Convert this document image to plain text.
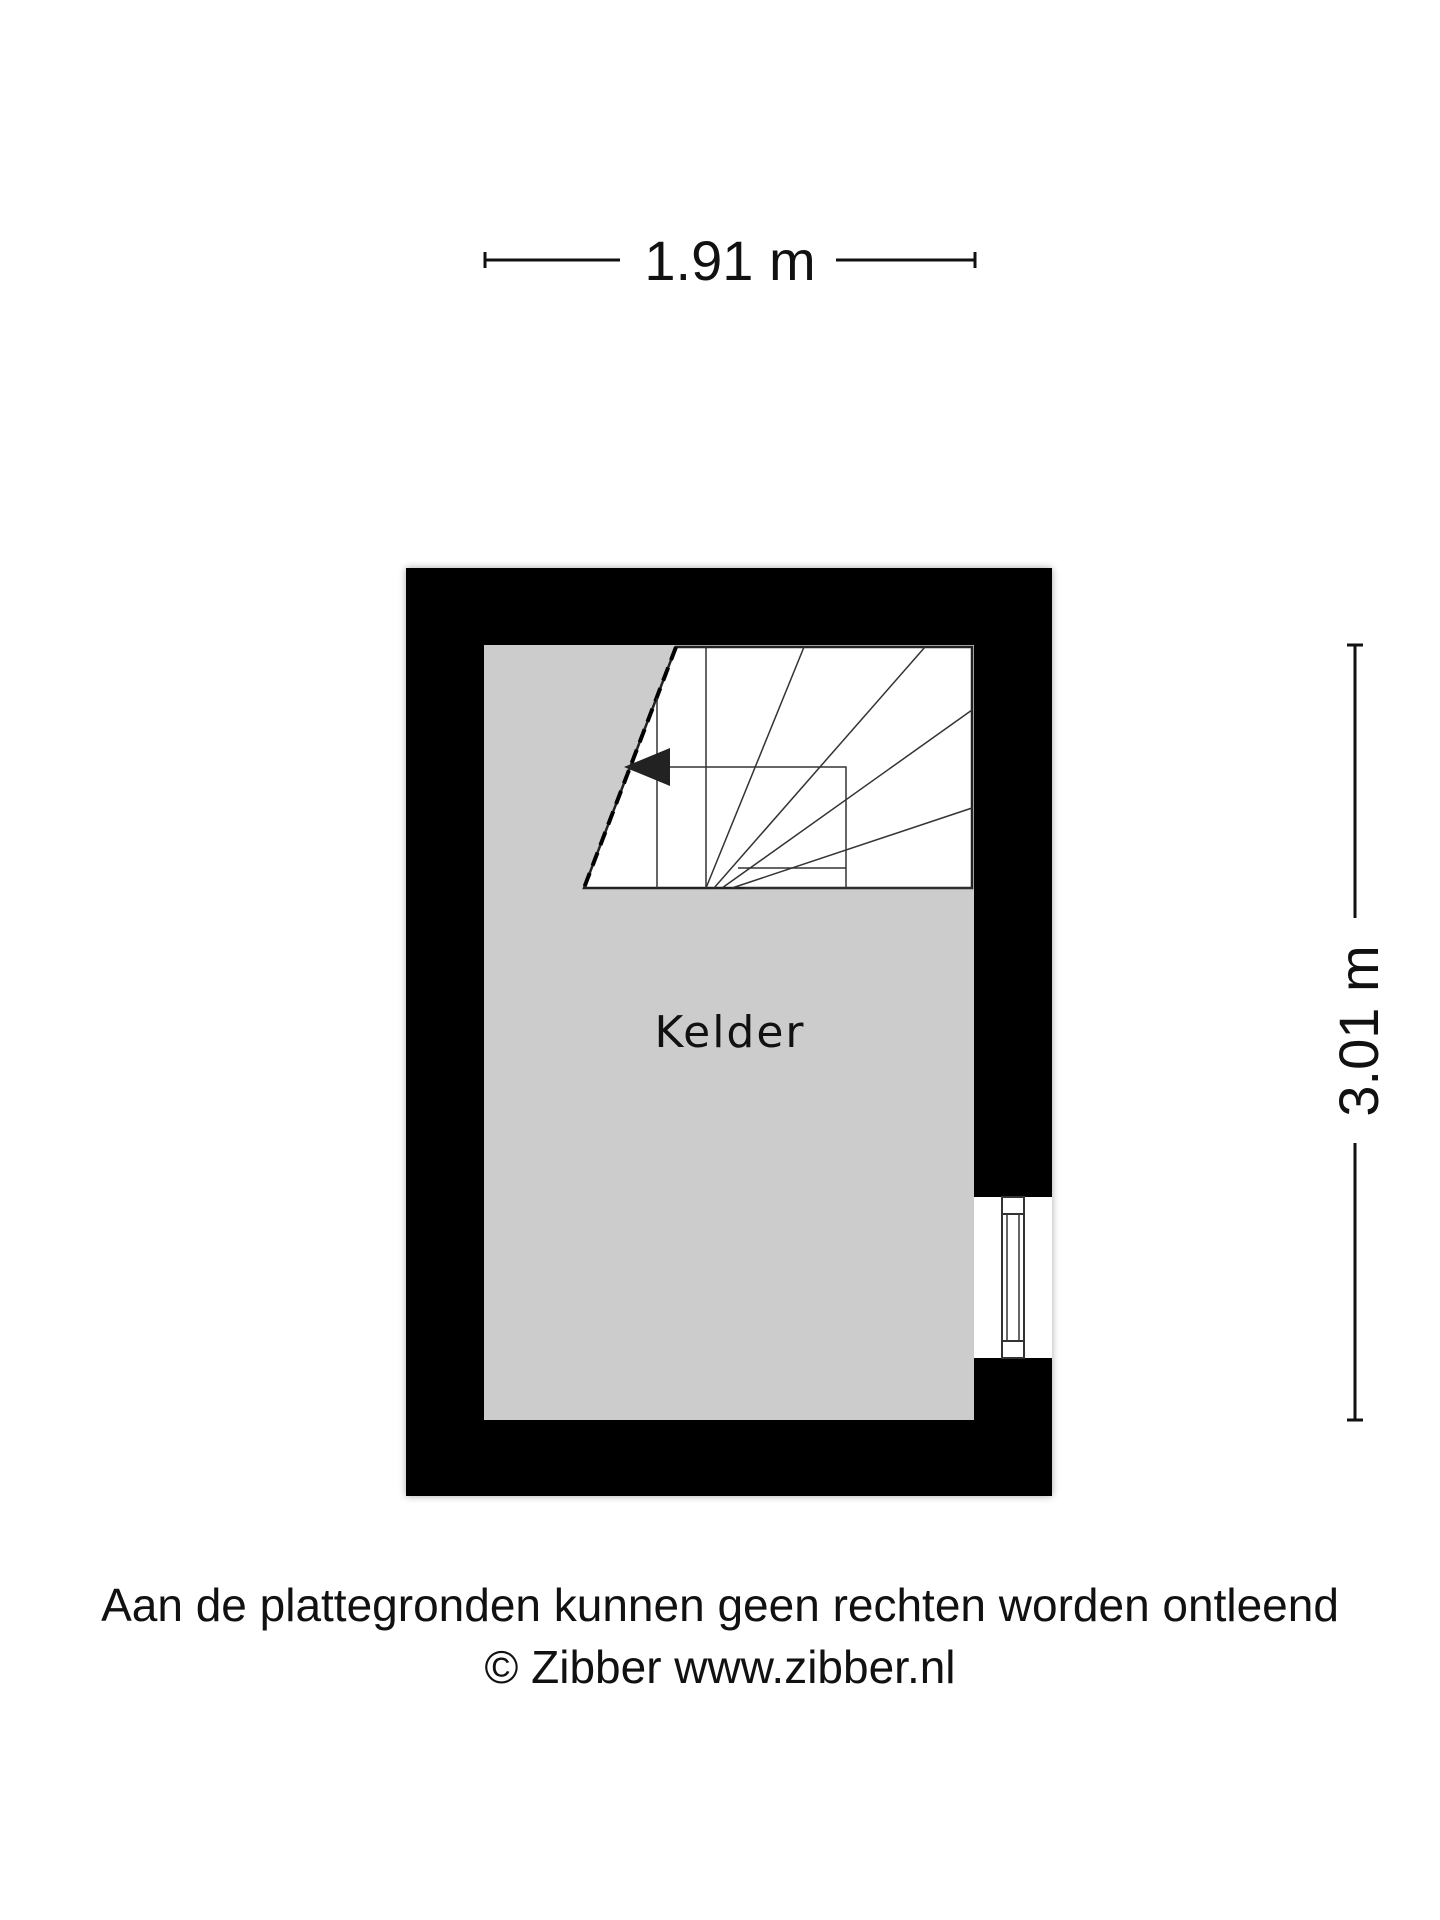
1.91 m
Kelder	3.01 m
Aan de plattegronden kunnen geen rechten worden ontleend
© Zibber www.zibber.nl
